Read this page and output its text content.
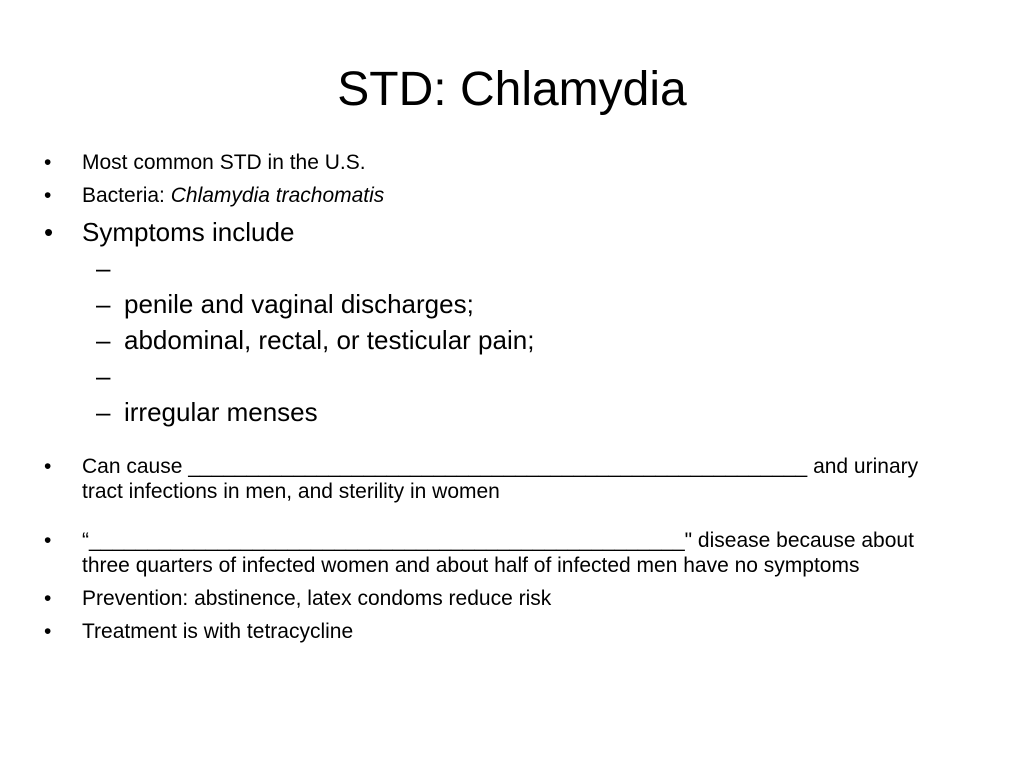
STD: Chlamydia
•	Most common STD in the U.S.
•	Bacteria: Chlamydia trachomatis
•	Symptoms include
–
– penile and vaginal discharges;
– abdominal, rectal, or testicular pain;
–
– irregular menses
•	Can cause _____________________________________________________ and urinary tract infections in men, and sterility in women
•	“___________________________________________________" disease because about three quarters of infected women and about half of infected men have no symptoms
•	Prevention: abstinence, latex condoms reduce risk
•	Treatment is with tetracycline
